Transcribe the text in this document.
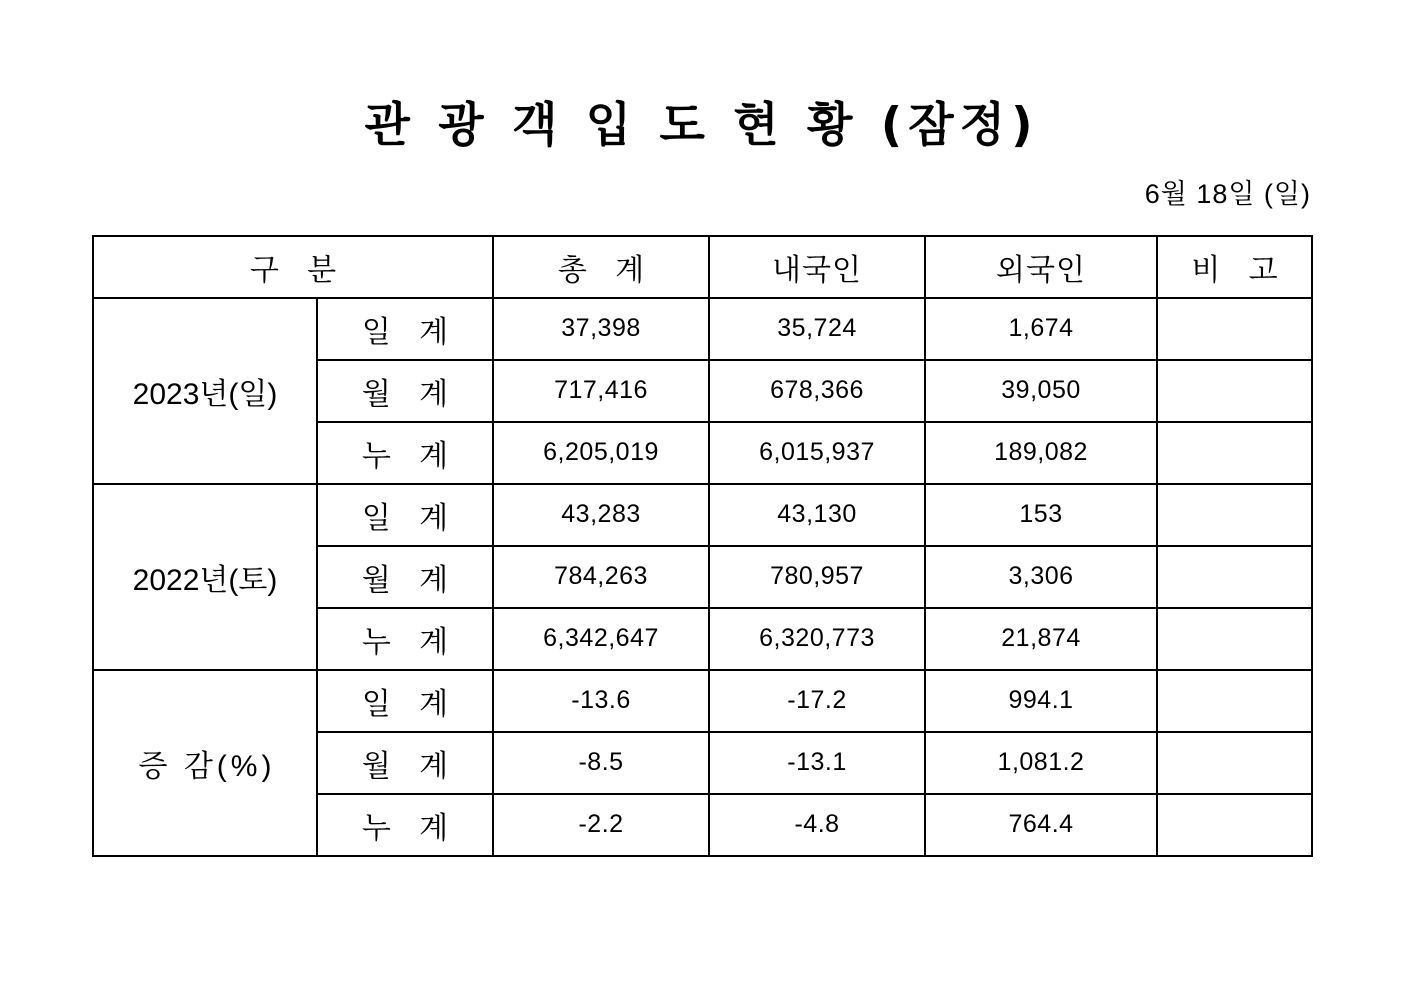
관 광 객 입 도 현 황 (잠정)

6월 18일 (일)

구 분		총 계	내국인	외국인	비 고
2023년(일)	일 계	37,398	35,724	1,674	
	월 계	717,416	678,366	39,050	
	누 계	6,205,019	6,015,937	189,082	
2022년(토)	일 계	43,283	43,130	153	
	월 계	784,263	780,957	3,306	
	누 계	6,342,647	6,320,773	21,874	
증 감(%)	일 계	-13.6	-17.2	994.1	
	월 계	-8.5	-13.1	1,081.2	
	누 계	-2.2	-4.8	764.4	
